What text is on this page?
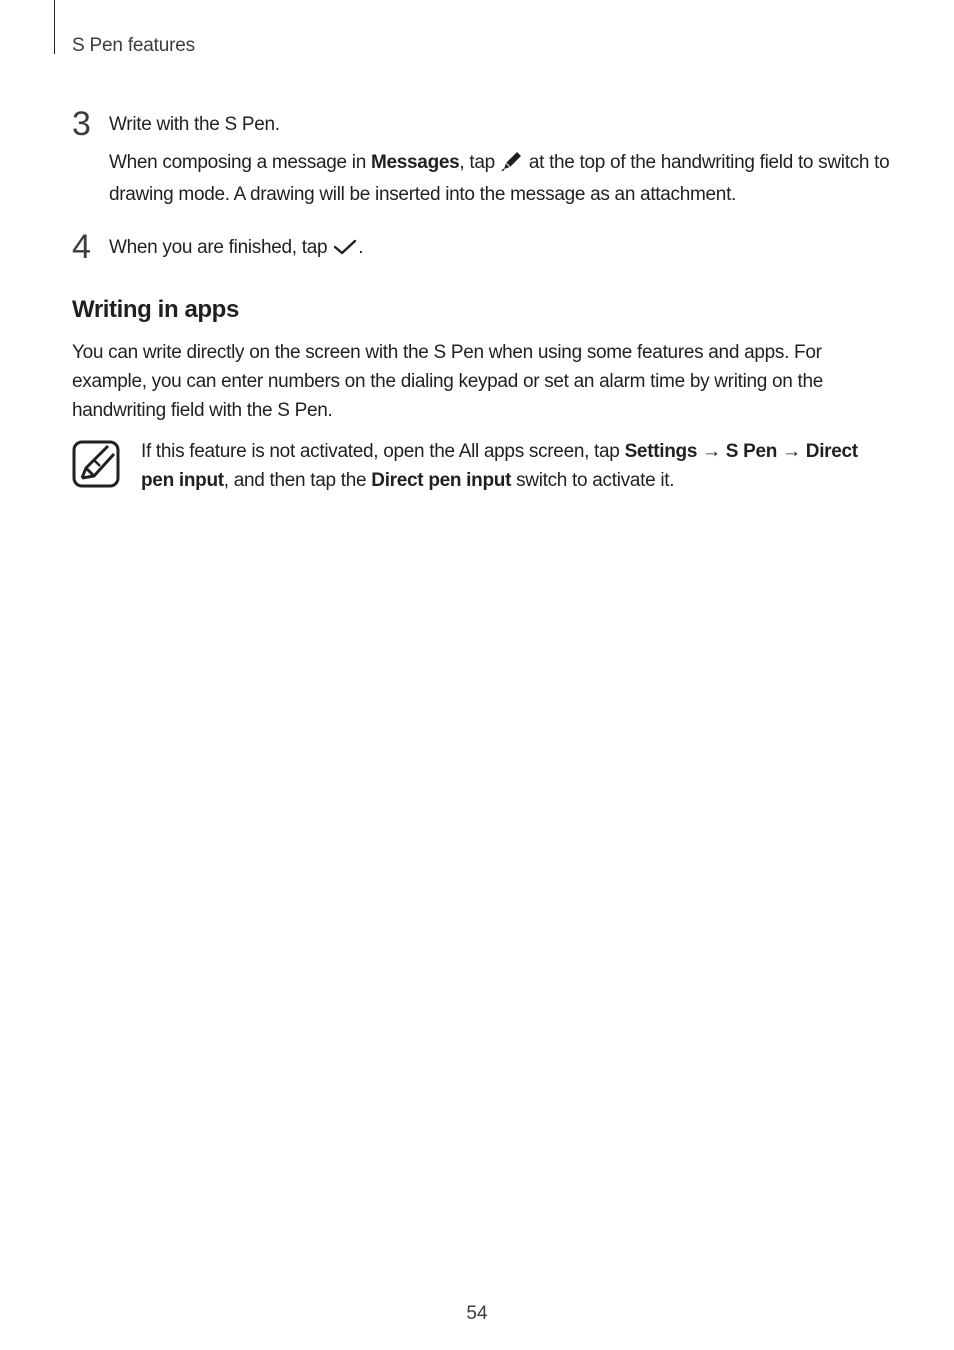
S Pen features
3 Write with the S Pen.
When composing a message in Messages, tap  at the top of the handwriting field to switch to drawing mode. A drawing will be inserted into the message as an attachment.
4 When you are finished, tap .
Writing in apps
You can write directly on the screen with the S Pen when using some features and apps. For example, you can enter numbers on the dialing keypad or set an alarm time by writing on the handwriting field with the S Pen.
If this feature is not activated, open the All apps screen, tap Settings → S Pen → Direct pen input, and then tap the Direct pen input switch to activate it.
54
